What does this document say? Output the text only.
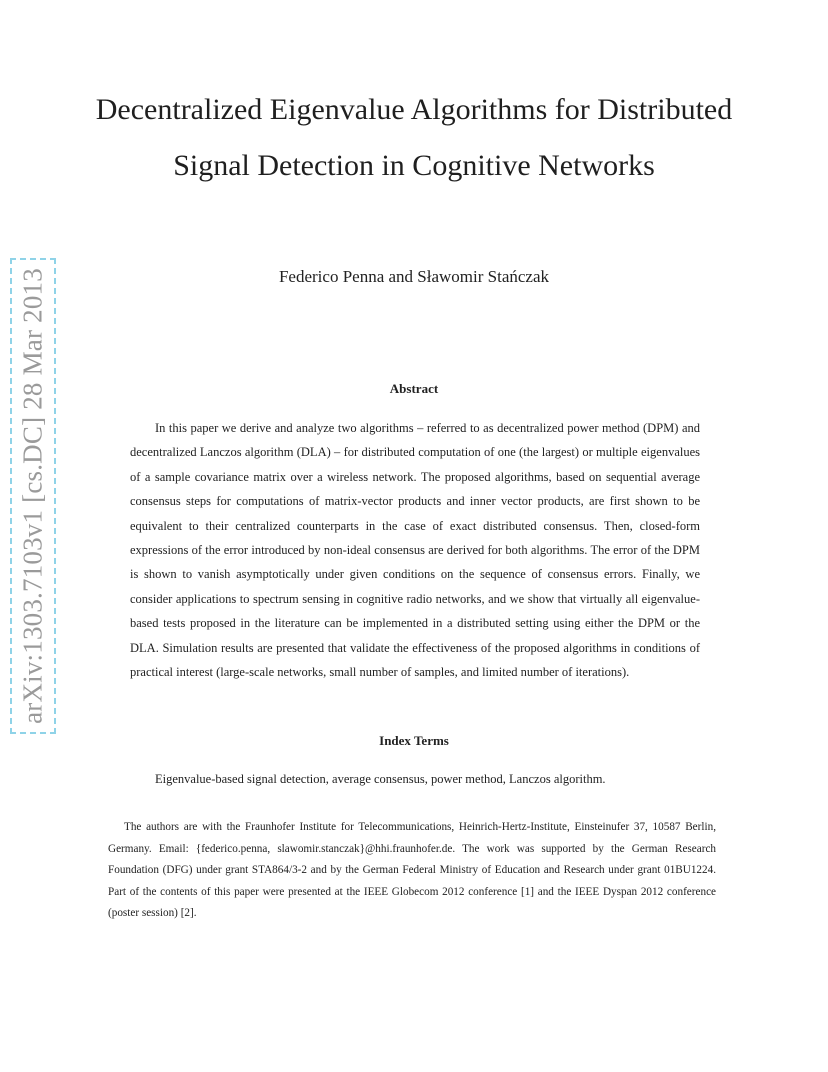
arXiv:1303.7103v1 [cs.DC] 28 Mar 2013
Decentralized Eigenvalue Algorithms for Distributed Signal Detection in Cognitive Networks
Federico Penna and Sławomir Stańczak
Abstract
In this paper we derive and analyze two algorithms – referred to as decentralized power method (DPM) and decentralized Lanczos algorithm (DLA) – for distributed computation of one (the largest) or multiple eigenvalues of a sample covariance matrix over a wireless network. The proposed algorithms, based on sequential average consensus steps for computations of matrix-vector products and inner vector products, are first shown to be equivalent to their centralized counterparts in the case of exact distributed consensus. Then, closed-form expressions of the error introduced by non-ideal consensus are derived for both algorithms. The error of the DPM is shown to vanish asymptotically under given conditions on the sequence of consensus errors. Finally, we consider applications to spectrum sensing in cognitive radio networks, and we show that virtually all eigenvalue-based tests proposed in the literature can be implemented in a distributed setting using either the DPM or the DLA. Simulation results are presented that validate the effectiveness of the proposed algorithms in conditions of practical interest (large-scale networks, small number of samples, and limited number of iterations).
Index Terms
Eigenvalue-based signal detection, average consensus, power method, Lanczos algorithm.
The authors are with the Fraunhofer Institute for Telecommunications, Heinrich-Hertz-Institute, Einsteinufer 37, 10587 Berlin, Germany. Email: {federico.penna, slawomir.stanczak}@hhi.fraunhofer.de. The work was supported by the German Research Foundation (DFG) under grant STA864/3-2 and by the German Federal Ministry of Education and Research under grant 01BU1224. Part of the contents of this paper were presented at the IEEE Globecom 2012 conference [1] and the IEEE Dyspan 2012 conference (poster session) [2].
